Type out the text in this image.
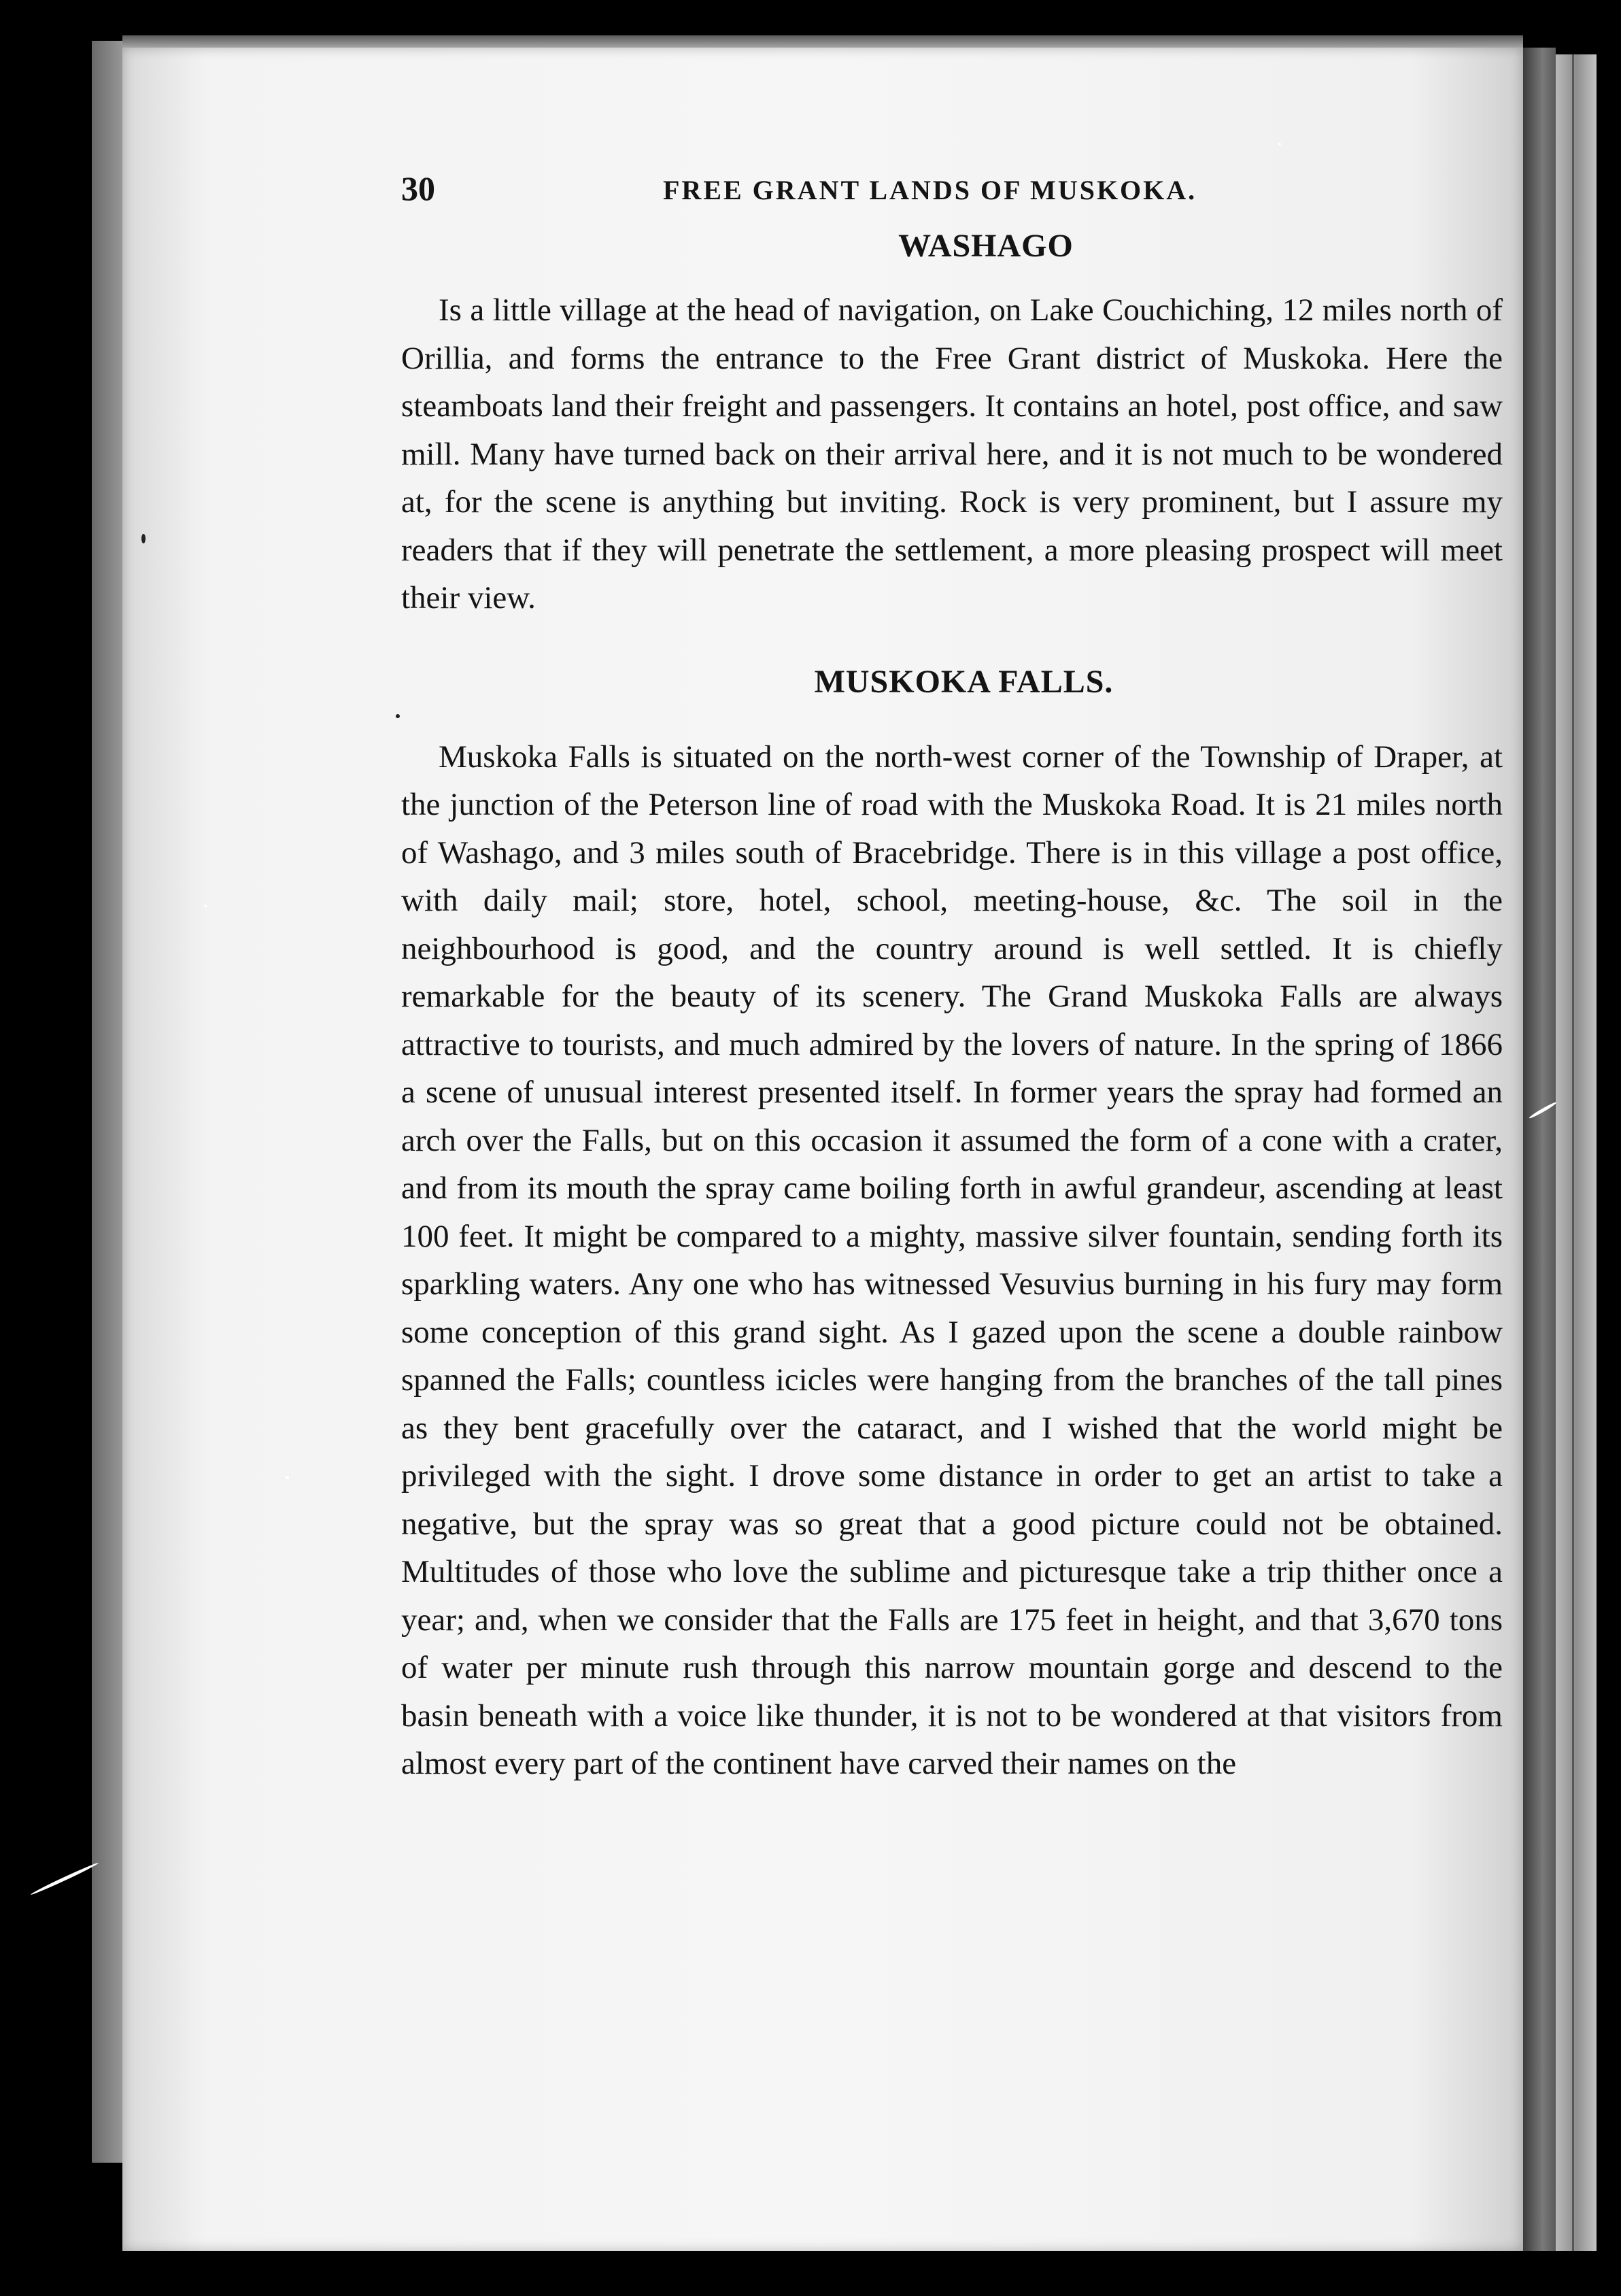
30	FREE GRANT LANDS OF MUSKOKA.
WASHAGO

Is a little village at the head of navigation, on Lake Couchiching, 12 miles north of Orillia, and forms the entrance to the Free Grant district of Muskoka. Here the steamboats land their freight and passengers. It contains an hotel, post office, and saw mill. Many have turned back on their arrival here, and it is not much to be wondered at, for the scene is anything but inviting. Rock is very prominent, but I assure my readers that if they will penetrate the settlement, a more pleasing prospect will meet their view.

MUSKOKA FALLS.

Muskoka Falls is situated on the north-west corner of the Township of Draper, at the junction of the Peterson line of road with the Muskoka Road. It is 21 miles north of Washago, and 3 miles south of Bracebridge. There is in this village a post office, with daily mail; store, hotel, school, meeting-house, &c. The soil in the neighbourhood is good, and the country around is well settled. It is chiefly remarkable for the beauty of its scenery. The Grand Muskoka Falls are always attractive to tourists, and much admired by the lovers of nature. In the spring of 1866 a scene of unusual interest presented itself. In former years the spray had formed an arch over the Falls, but on this occasion it assumed the form of a cone with a crater, and from its mouth the spray came boiling forth in awful grandeur, ascending at least 100 feet. It might be compared to a mighty, massive silver fountain, sending forth its sparkling waters. Any one who has witnessed Vesuvius burning in his fury may form some conception of this grand sight. As I gazed upon the scene a double rainbow spanned the Falls; countless icicles were hanging from the branches of the tall pines as they bent gracefully over the cataract, and I wished that the world might be privileged with the sight. I drove some distance in order to get an artist to take a negative, but the spray was so great that a good picture could not be obtained. Multitudes of those who love the sublime and picturesque take a trip thither once a year; and, when we consider that the Falls are 175 feet in height, and that 3,670 tons of water per minute rush through this narrow mountain gorge and descend to the basin beneath with a voice like thunder, it is not to be wondered at that visitors from almost every part of the continent have carved their names on the
